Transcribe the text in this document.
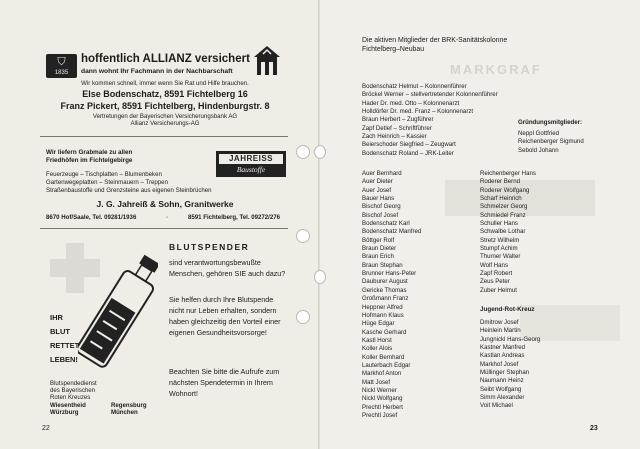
⛉
1835
hoffentlich ALLIANZ versichert
dann wohnt Ihr Fachmann in der Nachbarschaft
Wir kommen schnell, immer wenn Sie Rat und Hilfe brauchen.
Else Bodenschatz, 8591 Fichtelberg 16
Franz Pickert, 8591 Fichtelberg, Hindenburgstr. 8
Vertretungen der Bayerischen Versicherungsbank AG
Allianz Versicherungs-AG
Wir liefern Grabmale zu allen
Friedhöfen im Fichtelgebirge	JAHREISS
Baustoffe
Feuerzeuge – Tischplatten – Blumenbeken
Gartenwegeplatten – Steinmauern – Treppen
Straßenbaustoffe und Grenzsteine aus eigenen Steinbrüchen
J. G. Jahreiß & Sohn, Granitwerke
8670 Hof/Saale, Tel. 09281/1936	◦	8591 Fichtelberg, Tel. 09272/276
IHR
BLUT
RETTET
LEBEN!
BLUTSPENDER
sind verantwortungsbewußte Menschen, gehören SIE auch dazu?
Sie helfen durch Ihre Blutspende nicht nur Leben erhalten, sondern haben gleichzeitig den Vorteil einer eigenen Gesundheitsvorsorge!
Beachten Sie bitte die Aufrufe zum nächsten Spendetermin in Ihrem Wohnort!
Blutspendedienst
des Bayerischen
Roten Kreuzes
Wiesentheid
Würzburg
Regensburg
München
22
MARKGRAF
Die aktiven Mitglieder der BRK-Sanitätskolonne
Fichtelberg–Neubau
Bodenschatz Helmut – Kolonnenführer
Bröckel Werner – stellvertretender Kolonnenführer
Hader Dr. med. Otto – Kolonnenarzt
Holldörfer Dr. med. Franz – Kolonnenarzt
Braun Herbert – Zugführer
Zapf Detlef – Schriftführer
Zach Heinrich – Kassier
Beierschoder Siegfried – Zeugwart
Bodenschatz Roland – JRK-Leiter
Gründungsmitglieder:
Neppl Gottfried
Reichenberger Sigmund
Sebold Johann
Auer Bernhard
Auer Dieter
Auer Josef
Bauer Hans
Bischof Georg
Bischof Josef
Bodenschatz Karl
Bodenschatz Manfred
Böttger Rolf
Braun Dieter
Braun Erich
Braun Stephan
Brunner Hans-Peter
Dauburer August
Gericke Thomas
Großmann Franz
Heppner Alfred
Hofmann Klaus
Hüge Edgar
Kasche Gerhard
Kastl Horst
Koller Alois
Koller Bernhard
Lauterbach Edgar
Markhof Anton
Matt Josef
Nickl Werner
Nickl Wolfgang
Prechtl Herbert
Prechtl Josef
Reichenberger Hans
Roderer Bernd
Roderer Wolfgang
Scharf Heinrich
Schmelzer Georg
Schmiedel Franz
Schuller Hans
Schwalbe Lothar
Stretz Wilhelm
Stumpf Achim
Thurner Walter
Wolf Hans
Zapf Robert
Zeus Peter
Zuber Helmut
Jugend-Rot-Kreuz
Dmitrow Josef
Heinlein Martin
Jungnickl Hans-Georg
Kastner Manfred
Kastlan Andreas
Markhof Josef
Müllinger Stephan
Naumann Heinz
Seibt Wolfgang
Simm Alexander
Voit Michael
23
